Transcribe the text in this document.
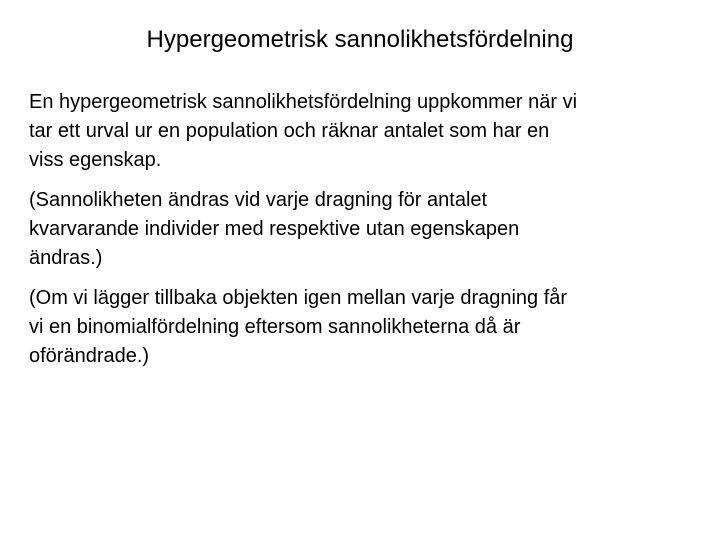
Hypergeometrisk sannolikhetsfördelning

En hypergeometrisk sannolikhetsfördelning uppkommer när vi
tar ett urval ur en population och räknar antalet som har en
viss egenskap.

(Sannolikheten ändras vid varje dragning för antalet
kvarvarande individer med respektive utan egenskapen
ändras.)

(Om vi lägger tillbaka objekten igen mellan varje dragning får
vi en binomialfördelning eftersom sannolikheterna då är
oförändrade.)
